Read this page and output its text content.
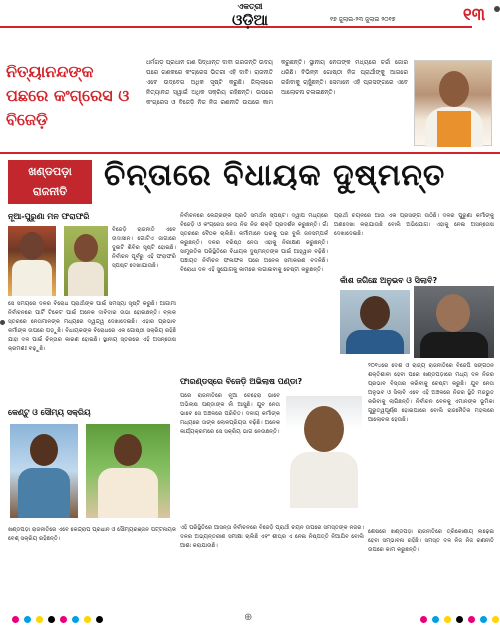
ଏକତ୍ରୀ
ଓଡ଼ିଆ	୧୭ ଜୁଲାଇ-୨୩ ଜୁଲାଇ ୨୦୧୭	୧୩
ନିତ୍ୟାନନ୍ଦଙ୍କ ପଛରେ କଂଗ୍ରେସ ଓ ବିଜେଡ଼ି
ଧର୍ମଗଡ଼ ପ୍ରଧାନ ଗଣ ସିଦ୍ଧାନ୍ତ ଦାବୀ ଗରଜନ୍ତି ଉଦୟ ଘରେ ଗଣକରେ କଂଗ୍ରେସ ଭିତରୀ ଏହି ଦାବି। ରାଜନୀତି ଏବେ ଉଦ୍‌ବେଗ ଅଧିକ ସୃଷ୍ଟି କରୁଛି। ଜିଲ୍ଲାରେ ନିତ୍ୟାନନ୍ଦ ସ୍ୱାଇଁ ଅଧିକ ସକ୍ରିୟ ରହିଛନ୍ତି। ଉପରେ କଂଗ୍ରେସ ଓ ବିଜେଡ଼ି ନିଜ ନିଜ ରଣନୀତି ଉପରେ କାମ କରୁଛନ୍ତି। ସ୍ଥାନୀୟ ନେତାଙ୍କ ମଧ୍ୟରେ ଚର୍ଚ୍ଚା ଜୋର ଧରିଛି। ବିଭିନ୍ନ ଗୋଷ୍ଠୀ ନିଜ ପ୍ରାର୍ଥୀଙ୍କୁ ଆଗରେ ରଖିବାକୁ ଚାହୁଁଛନ୍ତି। ସେମାନେ ଏହି ପ୍ରସଙ୍ଗରେ ଏବେ ଆଲୋଚନା ଚଳାଇଛନ୍ତି।
ଖଣ୍ଡପଡ଼ା
ରାଜନୀତି	ଚିନ୍ତାରେ ବିଧାୟକ ଦୁଷ୍ମନ୍ତ
ନୂଆ-ପୁରୁଣା ମନ ଫରାଫରି
ବିଜେଡ଼ି ରାଜନୀତି ଏବେ ଉଦାସୀନ। ଗୋଟିଏ ଜାଗାରେ ଦୁଇଟି ଶିବିର ସୃଷ୍ଟି ହୋଇଛି। ନିର୍ବାଚନ ପୂର୍ବରୁ ଏହି ଫରାଫରି ସ୍ପଷ୍ଟ ଦେଖାଯାଉଛି।
ସେ ସମୟରେ ଦଳର ବିରୋଧ ପ୍ରାର୍ଥୀଙ୍କ ପାଇଁ ସମସ୍ୟା ସୃଷ୍ଟି କରୁଛି। ଆଗାମୀ ନିର୍ବାଚନରେ ପାର୍ଟି ଟିକେଟ ପାଇଁ ଅନେକ ଦାବିଦାର ଉଭା ହୋଇଛନ୍ତି। ବ୍ଲକ ସ୍ତରରେ ନେତାମାନଙ୍କ ମଧ୍ୟରେ ଦ୍ୱନ୍ଦ୍ୱ ଦେଖାଦେଇଛି। ଏହାର ପ୍ରଭାବ କର୍ମୀଙ୍କ ଉପରେ ପଡ଼ୁଛି। ବିଧାୟକଙ୍କ ବିରୋଧରେ ଏକ ଗୋଷ୍ଠୀ ସକ୍ରିୟ ରହିଛି ଯାହା ଦଳ ପାଇଁ ଚିନ୍ତାର କାରଣ ହୋଇଛି। ସ୍ଥାନୀୟ ସ୍ତରରେ ଏହି ଅସନ୍ତୋଷ କ୍ରମଶଃ ବଢ଼ୁଛି।
କେଣ୍ଟୁ ଓ ସୌମ୍ୟ ସକ୍ରିୟ
ଖଣ୍ଡପଡ଼ା ରାଜନୀତିରେ ଏବେ କେନ୍ଦ୍ରାପ ପ୍ରଧାନ ଓ ସୌମ୍ୟରଞ୍ଜନ ପଟ୍ଟନାୟକ ବେଶ୍ ସକ୍ରିୟ ରହିଛନ୍ତି।
ନିର୍ବାଚନରେ କେନ୍ଦ୍ରଙ୍କ ପ୍ରତି ସମର୍ଥନ ସ୍ପଷ୍ଟ। ଦ୍ୱୀପ ମଧ୍ୟରେ ବିଜେଡ଼ି ଓ କଂଗ୍ରେସ ନେତା ନିଜ ନିଜ ଶକ୍ତି ପ୍ରଦର୍ଶନ କରୁଛନ୍ତି। ଗାଁ ସ୍ତରରେ ବୈଠକ ଚାଲିଛି। କର୍ମୀମାନେ ଘରକୁ ଘର ବୁଲି ଜନସମ୍ପର୍କ କରୁଛନ୍ତି। ଦଳର ବରିଷ୍ଠ ନେତା ଏହାକୁ ନିରୀକ୍ଷଣ କରୁଛନ୍ତି। ସାମ୍ପ୍ରତିକ ପରିସ୍ଥିତିରେ ବିଧାୟକ ଦୁଷ୍ମନ୍ତଙ୍କ ପାଇଁ ଆହ୍ୱାନ ବଢ଼ିଛି। ପଞ୍ଚାୟତ ନିର୍ବାଚନ ଫଳାଫଳ ପରେ ଅନେକ ସମୀକରଣ ବଦଳିଛି। ବିରୋଧୀ ଦଳ ଏହି ସୁଯୋଗକୁ କାମରେ ଲଗାଇବାକୁ ଚେଷ୍ଟା କରୁଛନ୍ତି।
ଫାରଣ୍ଡସ୍‌ରେ ବିଜେଡ଼ି ଅଭିଲାଷ ପଣ୍ଡା?
ପରେ ରାଜନୀତିରେ ନୂଆ ଚେହେରା ଭାବେ ଅଭିଲାଷ ପଣ୍ଡାଙ୍କ ନାଁ ଆସୁଛି। ଯୁବ ନେତା ଭାବେ ସେ ଅଞ୍ଚଳରେ ପରିଚିତ। ଦଳୀୟ କର୍ମୀଙ୍କ ମଧ୍ୟରେ ତାଙ୍କ ଲୋକପ୍ରିୟତା ବଢ଼ିଛି। ଅନେକ କାର୍ଯ୍ୟକ୍ରମରେ ସେ ସକ୍ରିୟ ଭାଗ ନେଉଛନ୍ତି।
ଏହି ପରିସ୍ଥିତିରେ ଆସନ୍ତା ନିର୍ବାଚନରେ ବିଜେଡ଼ି ପ୍ରାର୍ଥୀ ଚୟନ ଉପରେ ସମସ୍ତଙ୍କ ନଜର। ଦଳର ଅଭ୍ୟନ୍ତରୀଣ ସମୀକ୍ଷା ଚାଲିଛି ଏବଂ ଶୀଘ୍ର ଏ ନେଇ ନିଷ୍ପତ୍ତି ନିଆଯିବ ବୋଲି ଆଶା କରାଯାଉଛି।
ପ୍ରାର୍ଥୀ ଚୟନରେ ଆଉ ଏକ ପ୍ରସଙ୍ଗ ଉଠିଛି। ଦଳର ପୁରୁଣା କର୍ମୀଙ୍କୁ ଅଣଦେଖା କରାଯାଉଛି ବୋଲି ଅଭିଯୋଗ। ଏହାକୁ ନେଇ ଅସନ୍ତୋଷ ଦେଖାଦେଇଛି।
କାଁଶ ଜଗିଛେ ଅନୁଭବ ଓ ସିଲାବି?
୨୦୧୪ରେ ଦେଶ ଓ ରାଜ୍ୟ ରାଜନୀତିରେ ବିଜେପି ସଙ୍ଗଠନ ଶକ୍ତିଶାଳୀ ହେବା ପରେ ଖଣ୍ଡପଡ଼ାରେ ମଧ୍ୟ ଦଳ ନିଜର ପ୍ରଭାବ ବିସ୍ତାର କରିବାକୁ ଚେଷ୍ଟା କରୁଛି। ଯୁବ ନେତା ଅନୁଭବ ଓ ସିଲାବି ଏବେ ଏହି ଅଞ୍ଚଳରେ ନିଜର ସ୍ଥିତି ମଜଭୁତ କରିବାକୁ ଲାଗିଛନ୍ତି। ନିର୍ବାଚନ ବେଳକୁ ଏମାନଙ୍କ ଭୂମିକା ଗୁରୁତ୍ୱପୂର୍ଣ୍ଣ ହୋଇପାରେ ବୋଲି ରାଜନୈତିକ ମହଲରେ ଆଲୋଚନା ହେଉଛି।
ଶେଷରେ ଖଣ୍ଡପଡ଼ା ରାଜନୀତିରେ ତ୍ରିକୋଣୀୟ ଲଢ଼େଇ ହେବା ସମ୍ଭାବନା ରହିଛି। ସମସ୍ତ ଦଳ ନିଜ ନିଜ ରଣନୀତି ଉପରେ କାମ କରୁଛନ୍ତି।
⊕
